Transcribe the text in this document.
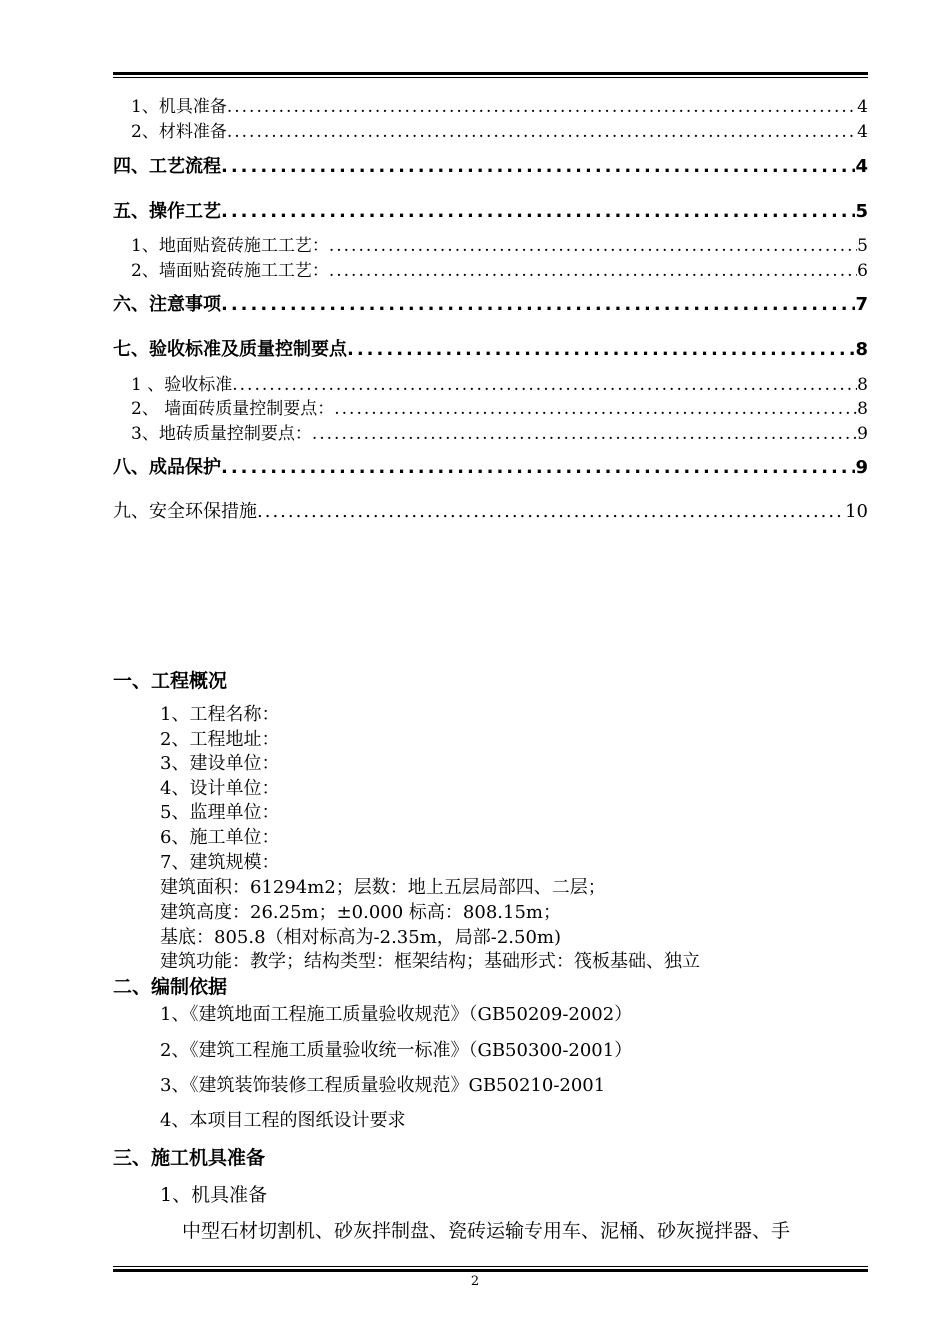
1、机具准备 .....	4
2、材料准备 .....	4
四、工艺流程 .....	4
五、操作工艺 .....	5
1、地面贴瓷砖施工工艺： .....	5
2、墙面贴瓷砖施工工艺： .....	6
六、注意事项 .....	7
七、验收标准及质量控制要点 .....	8
1 、验收标准 .....	8
2、 墙面砖质量控制要点： .....	8
3、地砖质量控制要点： .....	9
八、成品保护 .....	9
九、安全环保措施 .....	10
一、工程概况
1、工程名称：
2、工程地址：
3、建设单位：
4、设计单位：
5、监理单位：
6、施工单位：
7、建筑规模：
建筑面积：61294m2；层数：地上五层局部四、二层；
建筑高度：26.25m；±0.000 标高：808.15m；
基底：805.8（相对标高为-2.35m，局部-2.50m)
建筑功能：教学；结构类型：框架结构；基础形式：筏板基础、独立
二、编制依据
1、《建筑地面工程施工质量验收规范》（GB50209-2002）
2、《建筑工程施工质量验收统一标准》（GB50300-2001）
3、《建筑装饰装修工程质量验收规范》GB50210-2001
4、本项目工程的图纸设计要求
三、施工机具准备
1、机具准备
中型石材切割机、砂灰拌制盘、瓷砖运输专用车、泥桶、砂灰搅拌器、手
2
